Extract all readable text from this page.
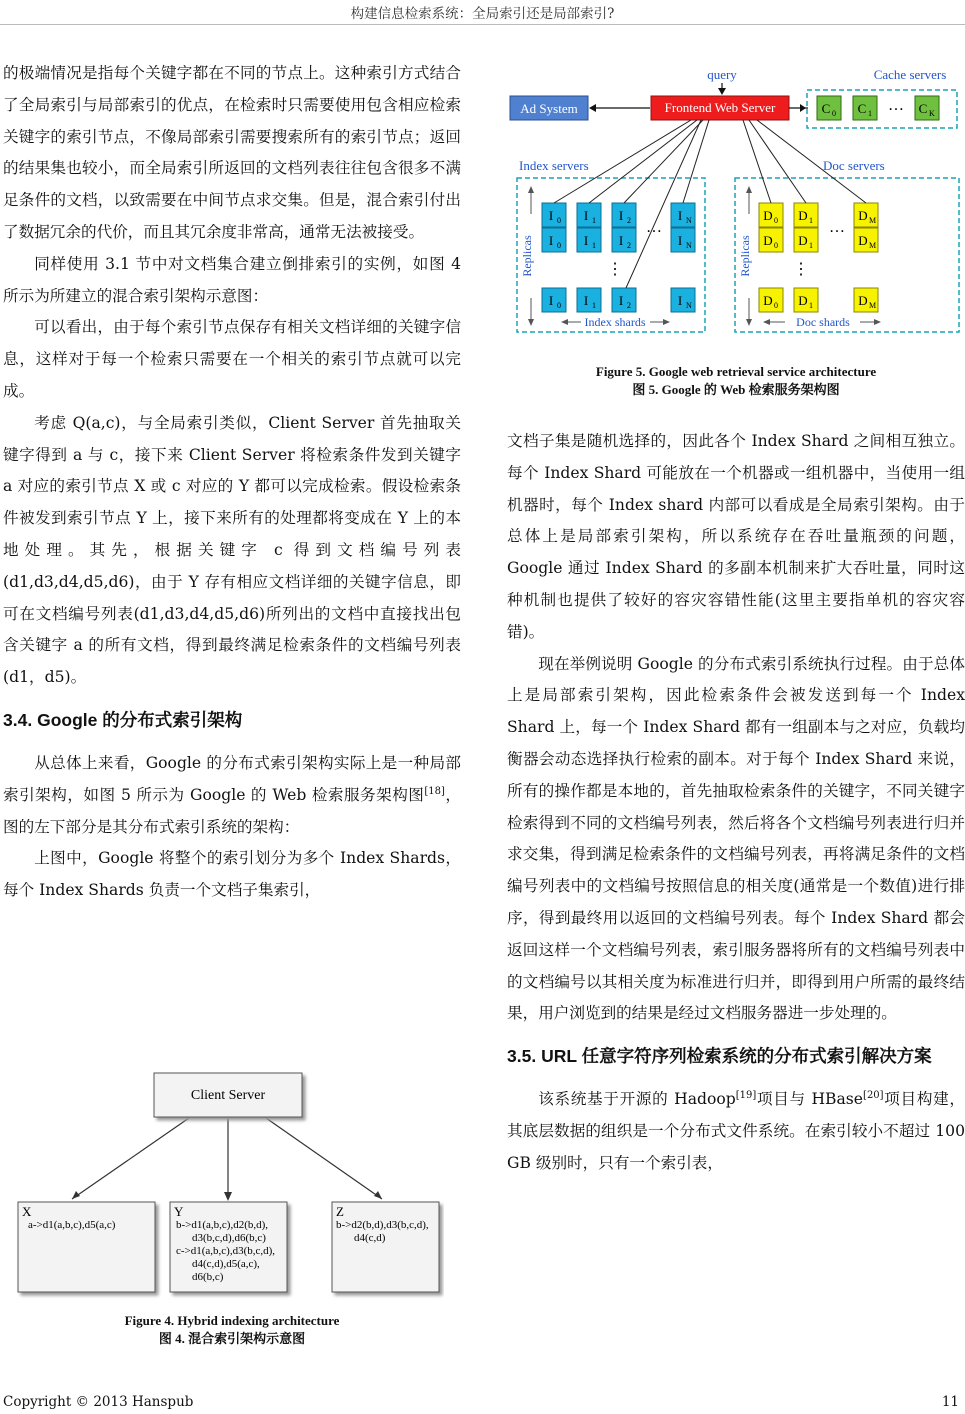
构建信息检索系统：全局索引还是局部索引?

的极端情况是指每个关键字都在不同的节点上。这种索引方式结合了全局索引与局部索引的优点，在检索时只需要使用包含相应检索关键字的索引节点，不像局部索引需要搜索所有的索引节点；返回的结果集也较小，而全局索引所返回的文档列表往往包含很多不满足条件的文档，以致需要在中间节点求交集。但是，混合索引付出了数据冗余的代价，而且其冗余度非常高，通常无法被接受。

同样使用 3.1 节中对文档集合建立倒排索引的实例，如图 4 所示为所建立的混合索引架构示意图：

可以看出，由于每个索引节点保存有相关文档详细的关键字信息，这样对于每一个检索只需要在一个相关的索引节点就可以完成。

考虑 Q(a,c)，与全局索引类似，Client Server 首先抽取关键字得到 a 与 c，接下来 Client Server 将检索条件发到关键字 a 对应的索引节点 X 或 c 对应的 Y 都可以完成检索。假设检索条件被发到索引节点 Y 上，接下来所有的处理都将变成在 Y 上的本地处理。其先，根据关键字 c 得到文档编号列表(d1,d3,d4,d5,d6)，由于 Y 存有相应文档详细的关键字信息，即可在文档编号列表(d1,d3,d4,d5,d6)所列出的文档中直接找出包含关键字 a 的所有文档，得到最终满足检索条件的文档编号列表(d1，d5)。

3.4. Google 的分布式索引架构

从总体上来看，Google 的分布式索引架构实际上是一种局部索引架构，如图 5 所示为 Google 的 Web 检索服务架构图[18]，图的左下部分是其分布式索引系统的架构：

上图中，Google 将整个的索引划分为多个 Index Shards，每个 Index Shards 负责一个文档子集索引，

Client Server
X
a->d1(a,b,c),d5(a,c)
Y
b->d1(a,b,c),d2(b,d),
d3(b,c,d),d6(b,c)
c->d1(a,b,c),d3(b,c,d),
d4(c,d),d5(a,c),
d6(b,c)
Z
b->d2(b,d),d3(b,c,d),
d4(c,d)
Figure 4. Hybrid indexing architecture
图 4. 混合索引架构示意图
query
Ad System	Frontend Web Server
Cache servers
C 0 C 1 … C K
Index servers
Replicas
Index shards
I 0 I 1 I 2	I N
I 0 I 1 I 2	I N
I 0 I 1 I 2	I N
…
⋮
Doc servers
Replicas
Doc shards
D 0 D 1	D M
D 0 D 1	D M
D 0 D 1	D M
…
⋮
Figure 5. Google web retrieval service architecture
图 5. Google 的 Web 检索服务架构图

文档子集是随机选择的，因此各个 Index Shard 之间相互独立。每个 Index Shard 可能放在一个机器或一组机器中，当使用一组机器时，每个 Index shard 内部可以看成是全局索引架构。由于总体上是局部索引架构，所以系统存在吞吐量瓶颈的问题，Google 通过 Index Shard 的多副本机制来扩大吞吐量，同时这种机制也提供了较好的容灾容错性能(这里主要指单机的容灾容错)。

现在举例说明 Google 的分布式索引系统执行过程。由于总体上是局部索引架构，因此检索条件会被发送到每一个 Index Shard 上，每一个 Index Shard 都有一组副本与之对应，负载均衡器会动态选择执行检索的副本。对于每个 Index Shard 来说，所有的操作都是本地的，首先抽取检索条件的关键字，不同关键字检索得到不同的文档编号列表，然后将各个文档编号列表进行归并求交集，得到满足检索条件的文档编号列表，再将满足条件的文档编号列表中的文档编号按照信息的相关度(通常是一个数值)进行排序，得到最终用以返回的文档编号列表。每个 Index Shard 都会返回这样一个文档编号列表，索引服务器将所有的文档编号列表中的文档编号以其相关度为标准进行归并，即得到用户所需的最终结果，用户浏览到的结果是经过文档服务器进一步处理的。

3.5. URL 任意字符序列检索系统的分布式索引解决方案

该系统基于开源的 Hadoop[19]项目与 HBase[20]项目构建，其底层数据的组织是一个分布式文件系统。在索引较小不超过 100 GB 级别时，只有一个索引表，

Copyright © 2013 Hanspub	11
